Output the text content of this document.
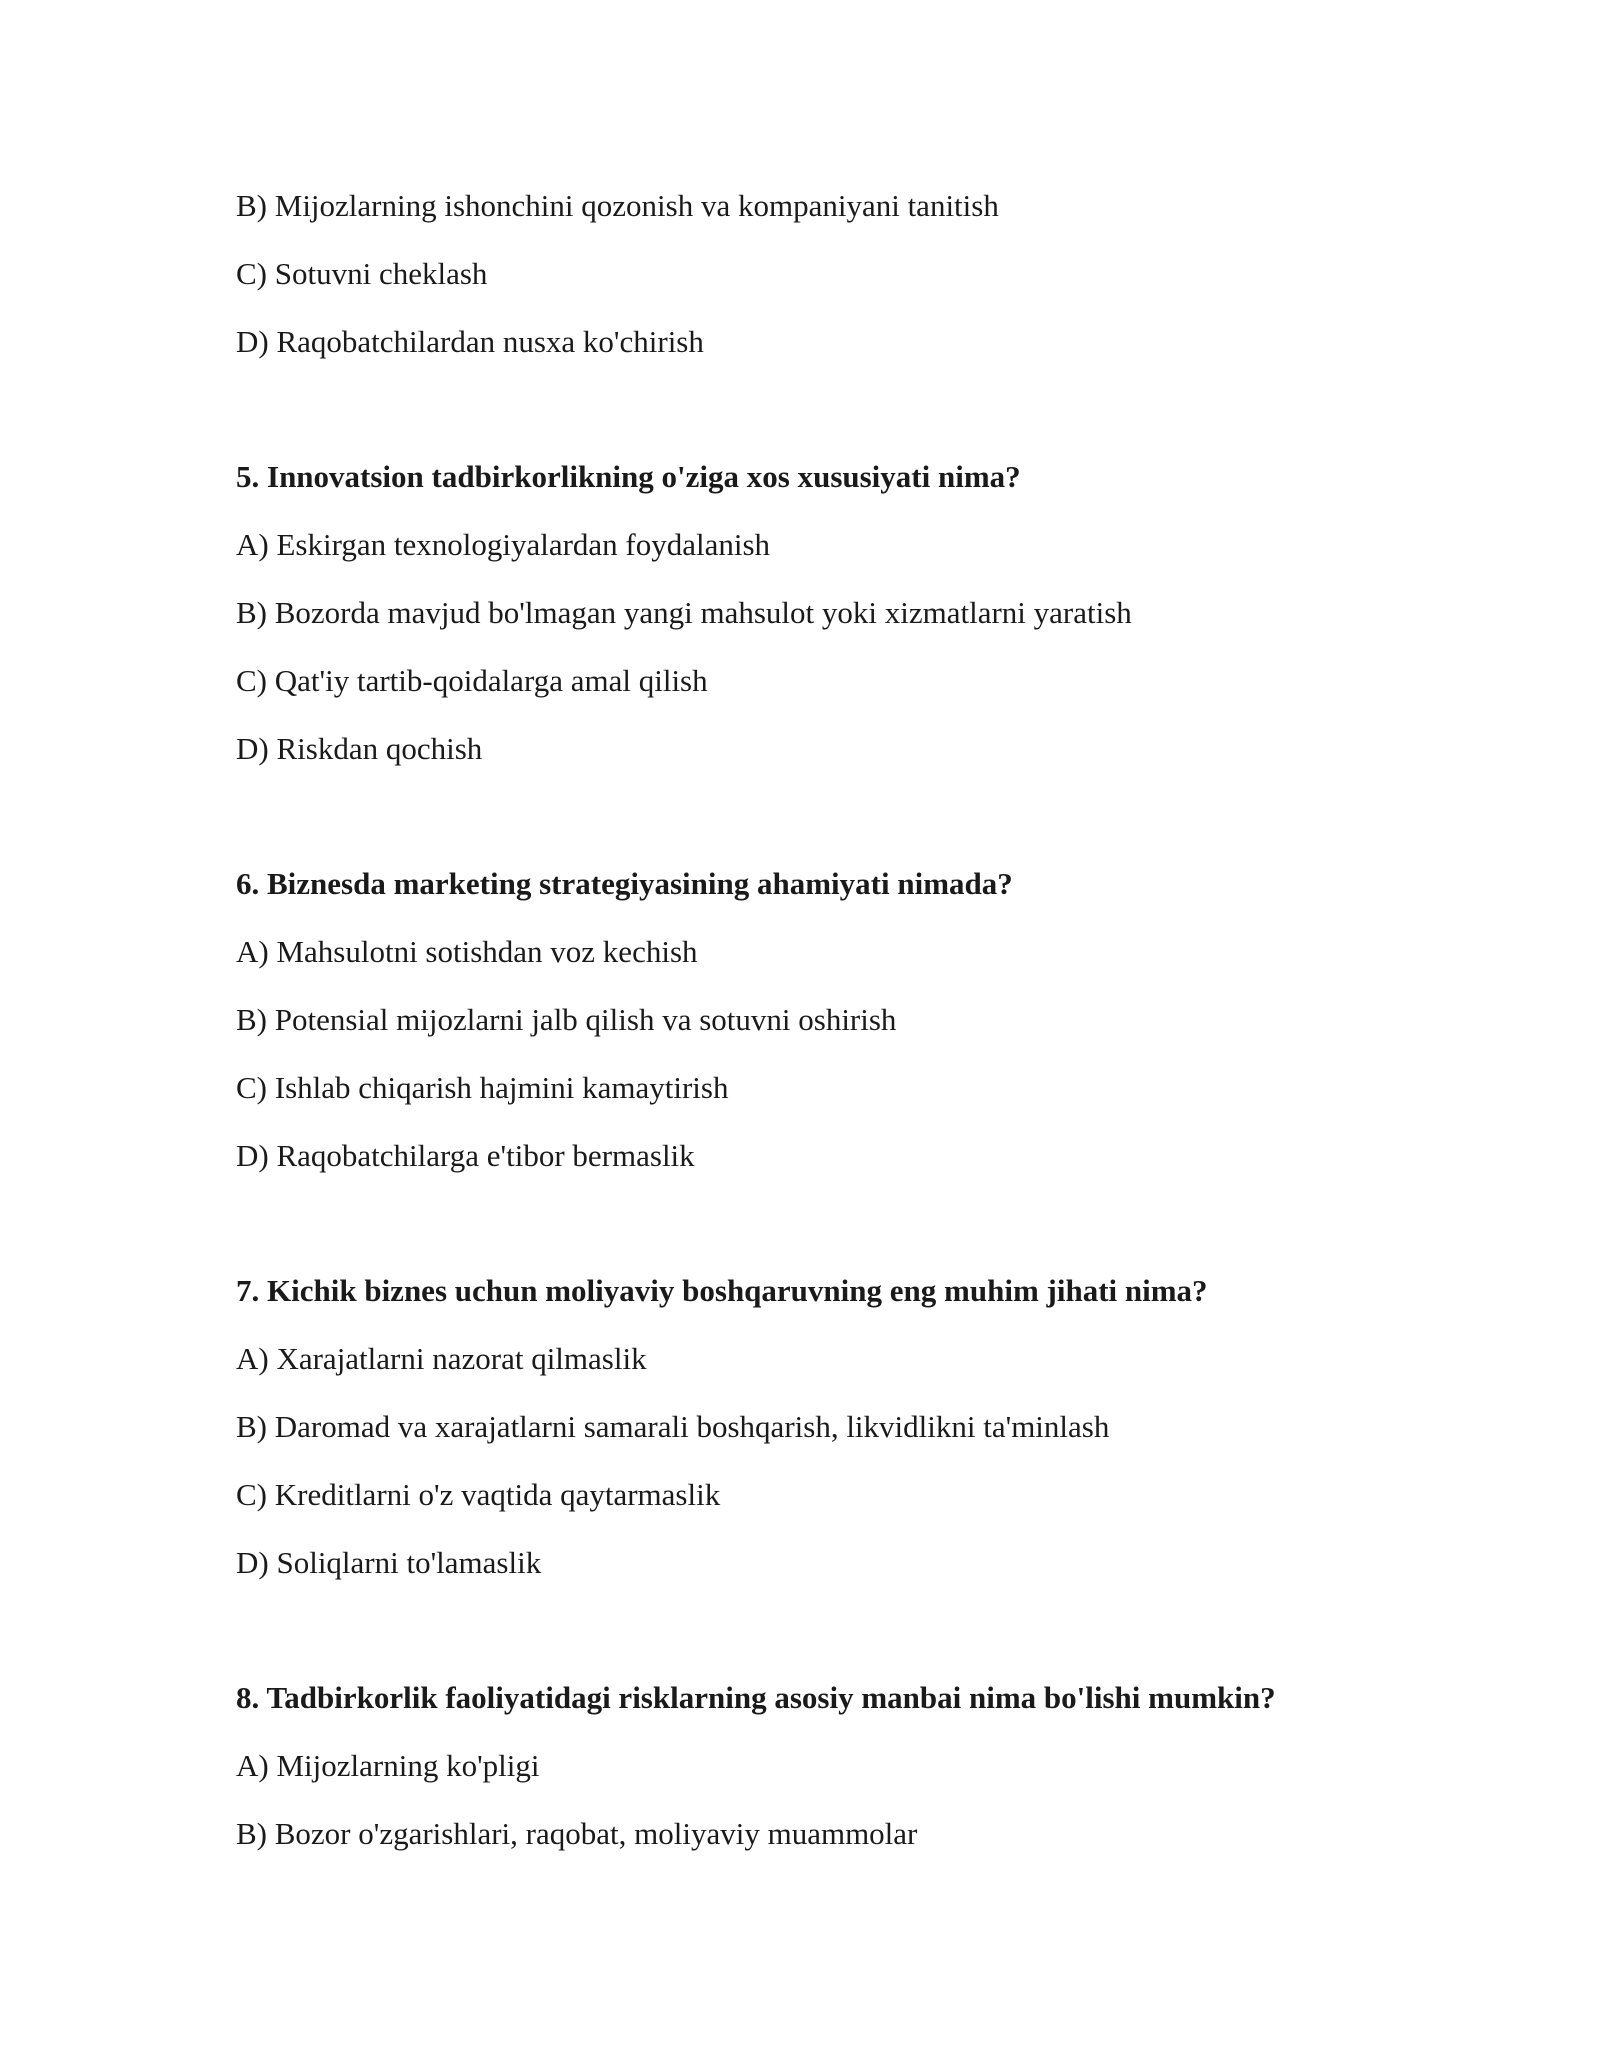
B) Mijozlarning ishonchini qozonish va kompaniyani tanitish
C) Sotuvni cheklash
D) Raqobatchilardan nusxa ko'chirish
5. Innovatsion tadbirkorlikning o'ziga xos xususiyati nima?
A) Eskirgan texnologiyalardan foydalanish
B) Bozorda mavjud bo'lmagan yangi mahsulot yoki xizmatlarni yaratish
C) Qat'iy tartib-qoidalarga amal qilish
D) Riskdan qochish
6. Biznesda marketing strategiyasining ahamiyati nimada?
A) Mahsulotni sotishdan voz kechish
B) Potensial mijozlarni jalb qilish va sotuvni oshirish
C) Ishlab chiqarish hajmini kamaytirish
D) Raqobatchilarga e'tibor bermaslik
7. Kichik biznes uchun moliyaviy boshqaruvning eng muhim jihati nima?
A) Xarajatlarni nazorat qilmaslik
B) Daromad va xarajatlarni samarali boshqarish, likvidlikni ta'minlash
C) Kreditlarni o'z vaqtida qaytarmaslik
D) Soliqlarni to'lamaslik
8. Tadbirkorlik faoliyatidagi risklarning asosiy manbai nima bo'lishi mumkin?
A) Mijozlarning ko'pligi
B) Bozor o'zgarishlari, raqobat, moliyaviy muammolar
